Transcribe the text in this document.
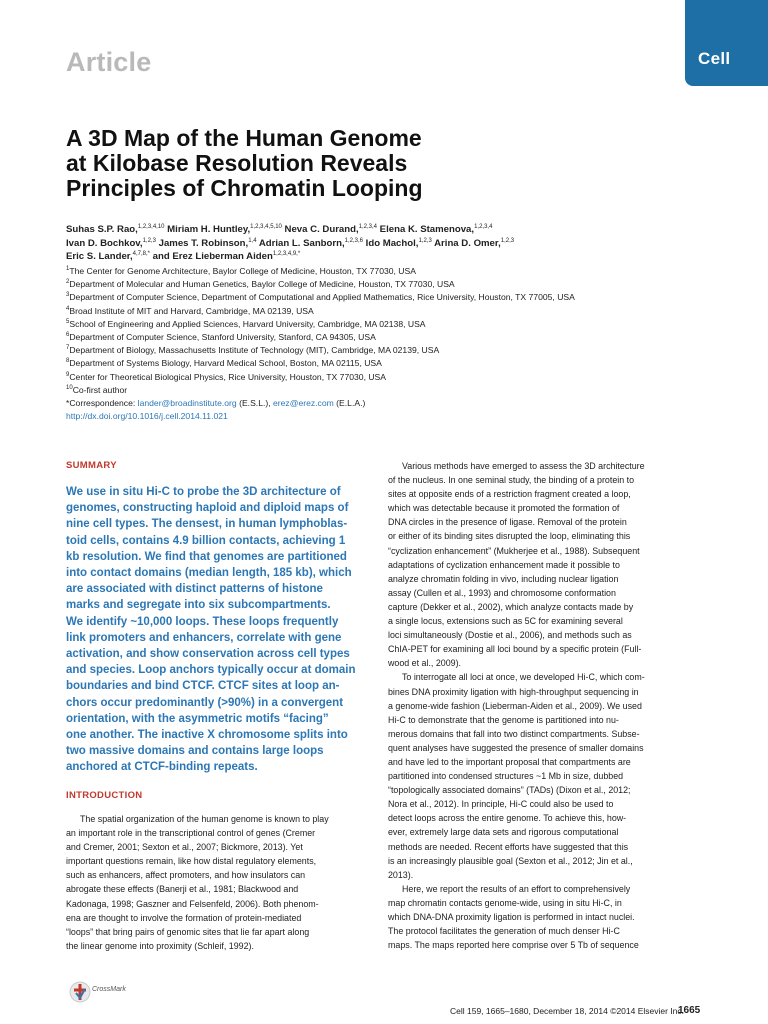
Article	Cell
A 3D Map of the Human Genome
at Kilobase Resolution Reveals
Principles of Chromatin Looping
Suhas S.P. Rao,$^{1,2,3,4,10}$ Miriam H. Huntley,$^{1,2,3,4,5,10}$ Neva C. Durand,$^{1,2,3,4}$ Elena K. Stamenova,$^{1,2,3,4}$
Ivan D. Bochkov,$^{1,2,3}$ James T. Robinson,$^{1,4}$ Adrian L. Sanborn,$^{1,2,3,6}$ Ido Machol,$^{1,2,3}$ Arina D. Omer,$^{1,2,3}$
Eric S. Lander,$^{4,7,8,*}$ and Erez Lieberman Aiden$^{1,2,3,4,9,*}$
$^1$The Center for Genome Architecture, Baylor College of Medicine, Houston, TX 77030, USA
$^2$Department of Molecular and Human Genetics, Baylor College of Medicine, Houston, TX 77030, USA
$^3$Department of Computer Science, Department of Computational and Applied Mathematics, Rice University, Houston, TX 77005, USA
$^4$Broad Institute of MIT and Harvard, Cambridge, MA 02139, USA
$^5$School of Engineering and Applied Sciences, Harvard University, Cambridge, MA 02138, USA
$^6$Department of Computer Science, Stanford University, Stanford, CA 94305, USA
$^7$Department of Biology, Massachusetts Institute of Technology (MIT), Cambridge, MA 02139, USA
$^8$Department of Systems Biology, Harvard Medical School, Boston, MA 02115, USA
$^9$Center for Theoretical Biological Physics, Rice University, Houston, TX 77030, USA
$^{10}$Co-first author
*Correspondence: lander@broadinstitute.org (E.S.L.), erez@erez.com (E.L.A.)
http://dx.doi.org/10.1016/j.cell.2014.11.021
SUMMARY
We use in situ Hi-C to probe the 3D architecture of
genomes, constructing haploid and diploid maps of
nine cell types. The densest, in human lymphoblas-
toid cells, contains 4.9 billion contacts, achieving 1
kb resolution. We find that genomes are partitioned
into contact domains (median length, 185 kb), which
are associated with distinct patterns of histone
marks and segregate into six subcompartments.
We identify ~10,000 loops. These loops frequently
link promoters and enhancers, correlate with gene
activation, and show conservation across cell types
and species. Loop anchors typically occur at domain
boundaries and bind CTCF. CTCF sites at loop an-
chors occur predominantly (>90%) in a convergent
orientation, with the asymmetric motifs “facing”
one another. The inactive X chromosome splits into
two massive domains and contains large loops
anchored at CTCF-binding repeats.
INTRODUCTION
The spatial organization of the human genome is known to play
an important role in the transcriptional control of genes (Cremer
and Cremer, 2001; Sexton et al., 2007; Bickmore, 2013). Yet
important questions remain, like how distal regulatory elements,
such as enhancers, affect promoters, and how insulators can
abrogate these effects (Banerji et al., 1981; Blackwood and
Kadonaga, 1998; Gaszner and Felsenfeld, 2006). Both phenom-
ena are thought to involve the formation of protein-mediated
“loops” that bring pairs of genomic sites that lie far apart along
the linear genome into proximity (Schleif, 1992).
Various methods have emerged to assess the 3D architecture
of the nucleus. In one seminal study, the binding of a protein to
sites at opposite ends of a restriction fragment created a loop,
which was detectable because it promoted the formation of
DNA circles in the presence of ligase. Removal of the protein
or either of its binding sites disrupted the loop, eliminating this
“cyclization enhancement” (Mukherjee et al., 1988). Subsequent
adaptations of cyclization enhancement made it possible to
analyze chromatin folding in vivo, including nuclear ligation
assay (Cullen et al., 1993) and chromosome conformation
capture (Dekker et al., 2002), which analyze contacts made by
a single locus, extensions such as 5C for examining several
loci simultaneously (Dostie et al., 2006), and methods such as
ChIA-PET for examining all loci bound by a specific protein (Full-
wood et al., 2009).
To interrogate all loci at once, we developed Hi-C, which com-
bines DNA proximity ligation with high-throughput sequencing in
a genome-wide fashion (Lieberman-Aiden et al., 2009). We used
Hi-C to demonstrate that the genome is partitioned into nu-
merous domains that fall into two distinct compartments. Subse-
quent analyses have suggested the presence of smaller domains
and have led to the important proposal that compartments are
partitioned into condensed structures ~1 Mb in size, dubbed
“topologically associated domains” (TADs) (Dixon et al., 2012;
Nora et al., 2012). In principle, Hi-C could also be used to
detect loops across the entire genome. To achieve this, how-
ever, extremely large data sets and rigorous computational
methods are needed. Recent efforts have suggested that this
is an increasingly plausible goal (Sexton et al., 2012; Jin et al.,
2013).
Here, we report the results of an effort to comprehensively
map chromatin contacts genome-wide, using in situ Hi-C, in
which DNA-DNA proximity ligation is performed in intact nuclei.
The protocol facilitates the generation of much denser Hi-C
maps. The maps reported here comprise over 5 Tb of sequence
CrossMark
Cell 159, 1665–1680, December 18, 2014 ©2014 Elsevier Inc.
1665
